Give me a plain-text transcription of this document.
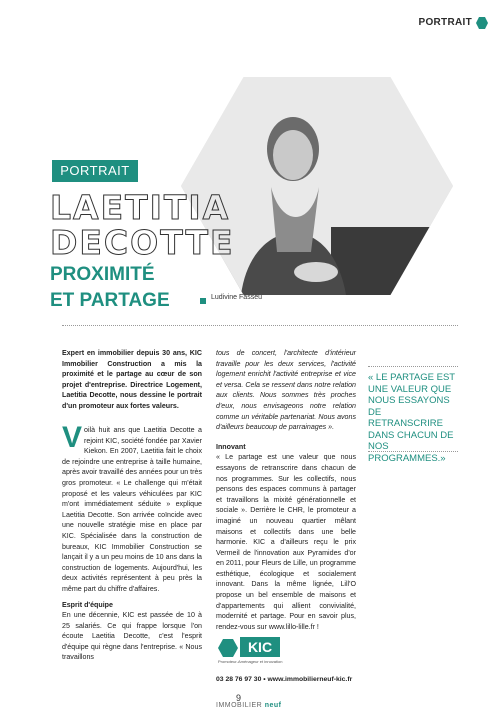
PORTRAIT
PORTRAIT
LAETITIA
DECOTTE
PROXIMITÉ
ET PARTAGE	Ludivine Fasseu
Expert en immobilier depuis 30 ans, KIC Immobilier Construction a mis la proximité et le partage au cœur de son projet d'entreprise. Directrice Logement, Laetitia Decotte, nous dessine le portrait d'un promoteur aux fortes valeurs.
V oilà huit ans que Laetitia Decotte a rejoint KIC, société fondée par Xavier Kiekon. En 2007, Laetitia fait le choix de rejoindre une entreprise à taille humaine, après avoir travaillé des années pour un très gros promoteur. « Le challenge qui m'était proposé et les valeurs véhiculées par KIC m'ont immédiatement séduite » explique Laetitia Decotte. Son arrivée coïncide avec une nouvelle stratégie mise en place par KIC. Spécialisée dans la construction de bureaux, KIC Immobilier Construction se lançait il y a un peu moins de 10 ans dans la construction de logements. Aujourd'hui, les deux activités représentent à peu près la même part du chiffre d'affaires.
Esprit d'équipe
En une décennie, KIC est passée de 10 à 25 salariés. Ce qui frappe lorsque l'on écoute Laetitia Decotte, c'est l'esprit d'équipe qui règne dans l'entreprise. « Nous travaillons
tous de concert, l'architecte d'intérieur travaille pour les deux services, l'activité logement enrichit l'activité entreprise et vice et versa. Cela se ressent dans notre relation aux clients. Nous sommes très proches d'eux, nous envisageons notre relation comme un véritable partenariat. Nous avons d'ailleurs beaucoup de parrainages ».
Innovant
« Le partage est une valeur que nous essayons de retranscrire dans chacun de nos programmes. Sur les collectifs, nous pensons des espaces communs à partager et travaillons la mixité générationnelle et sociale ». Derrière le CHR, le promoteur a imaginé un nouveau quartier mêlant maisons et collectifs dans une belle harmonie. KIC a d'ailleurs reçu le prix Vermeil de l'innovation aux Pyramides d'or en 2011, pour Fleurs de Lille, un programme esthétique, écologique et socialement innovant. Dans la même lignée, Lill'O propose un bel ensemble de maisons et d'appartements qui allient convivialité, modernité et partage. Pour en savoir plus, rendez-vous sur www.lillo-lille.fr !
« LE PARTAGE EST UNE VALEUR QUE NOUS ESSAYONS DE RETRANSCRIRE DANS CHACUN DE NOS PROGRAMMES.»
KIC
Promoteur-Aménageur et innovation
03 28 76 97 30 • www.immobilierneuf-kic.fr
9
IMMOBILIER neuf
